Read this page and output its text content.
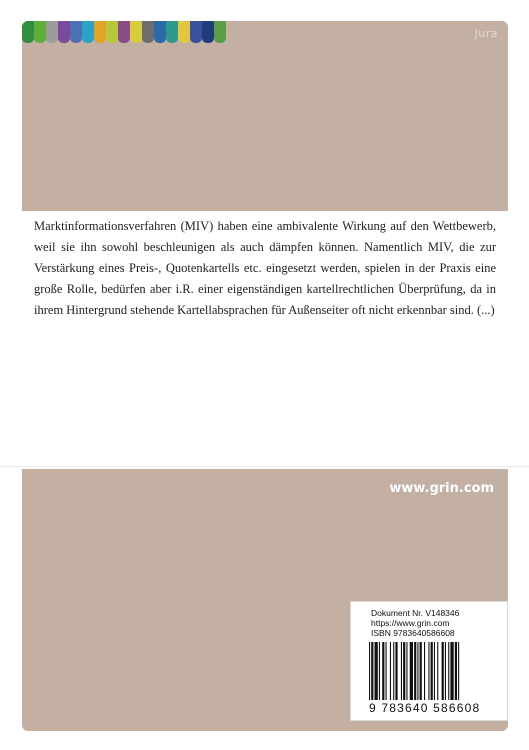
Jura

Marktinformationsverfahren (MIV) haben eine ambivalente Wirkung auf den Wettbewerb, weil sie ihn sowohl beschleunigen als auch dämpfen können. Namentlich MIV, die zur Verstärkung eines Preis-, Quotenkartells etc. eingesetzt werden, spielen in der Praxis eine große Rolle, bedürfen aber i.R. einer eigenständigen kartellrechtlichen Überprüfung, da in ihrem Hintergrund stehende Kartellabsprachen für Außenseiter oft nicht erkennbar sind. (...)

www.grin.com
Dokument Nr. V148346
https://www.grin.com
ISBN 9783640586608
9 783640 586608
